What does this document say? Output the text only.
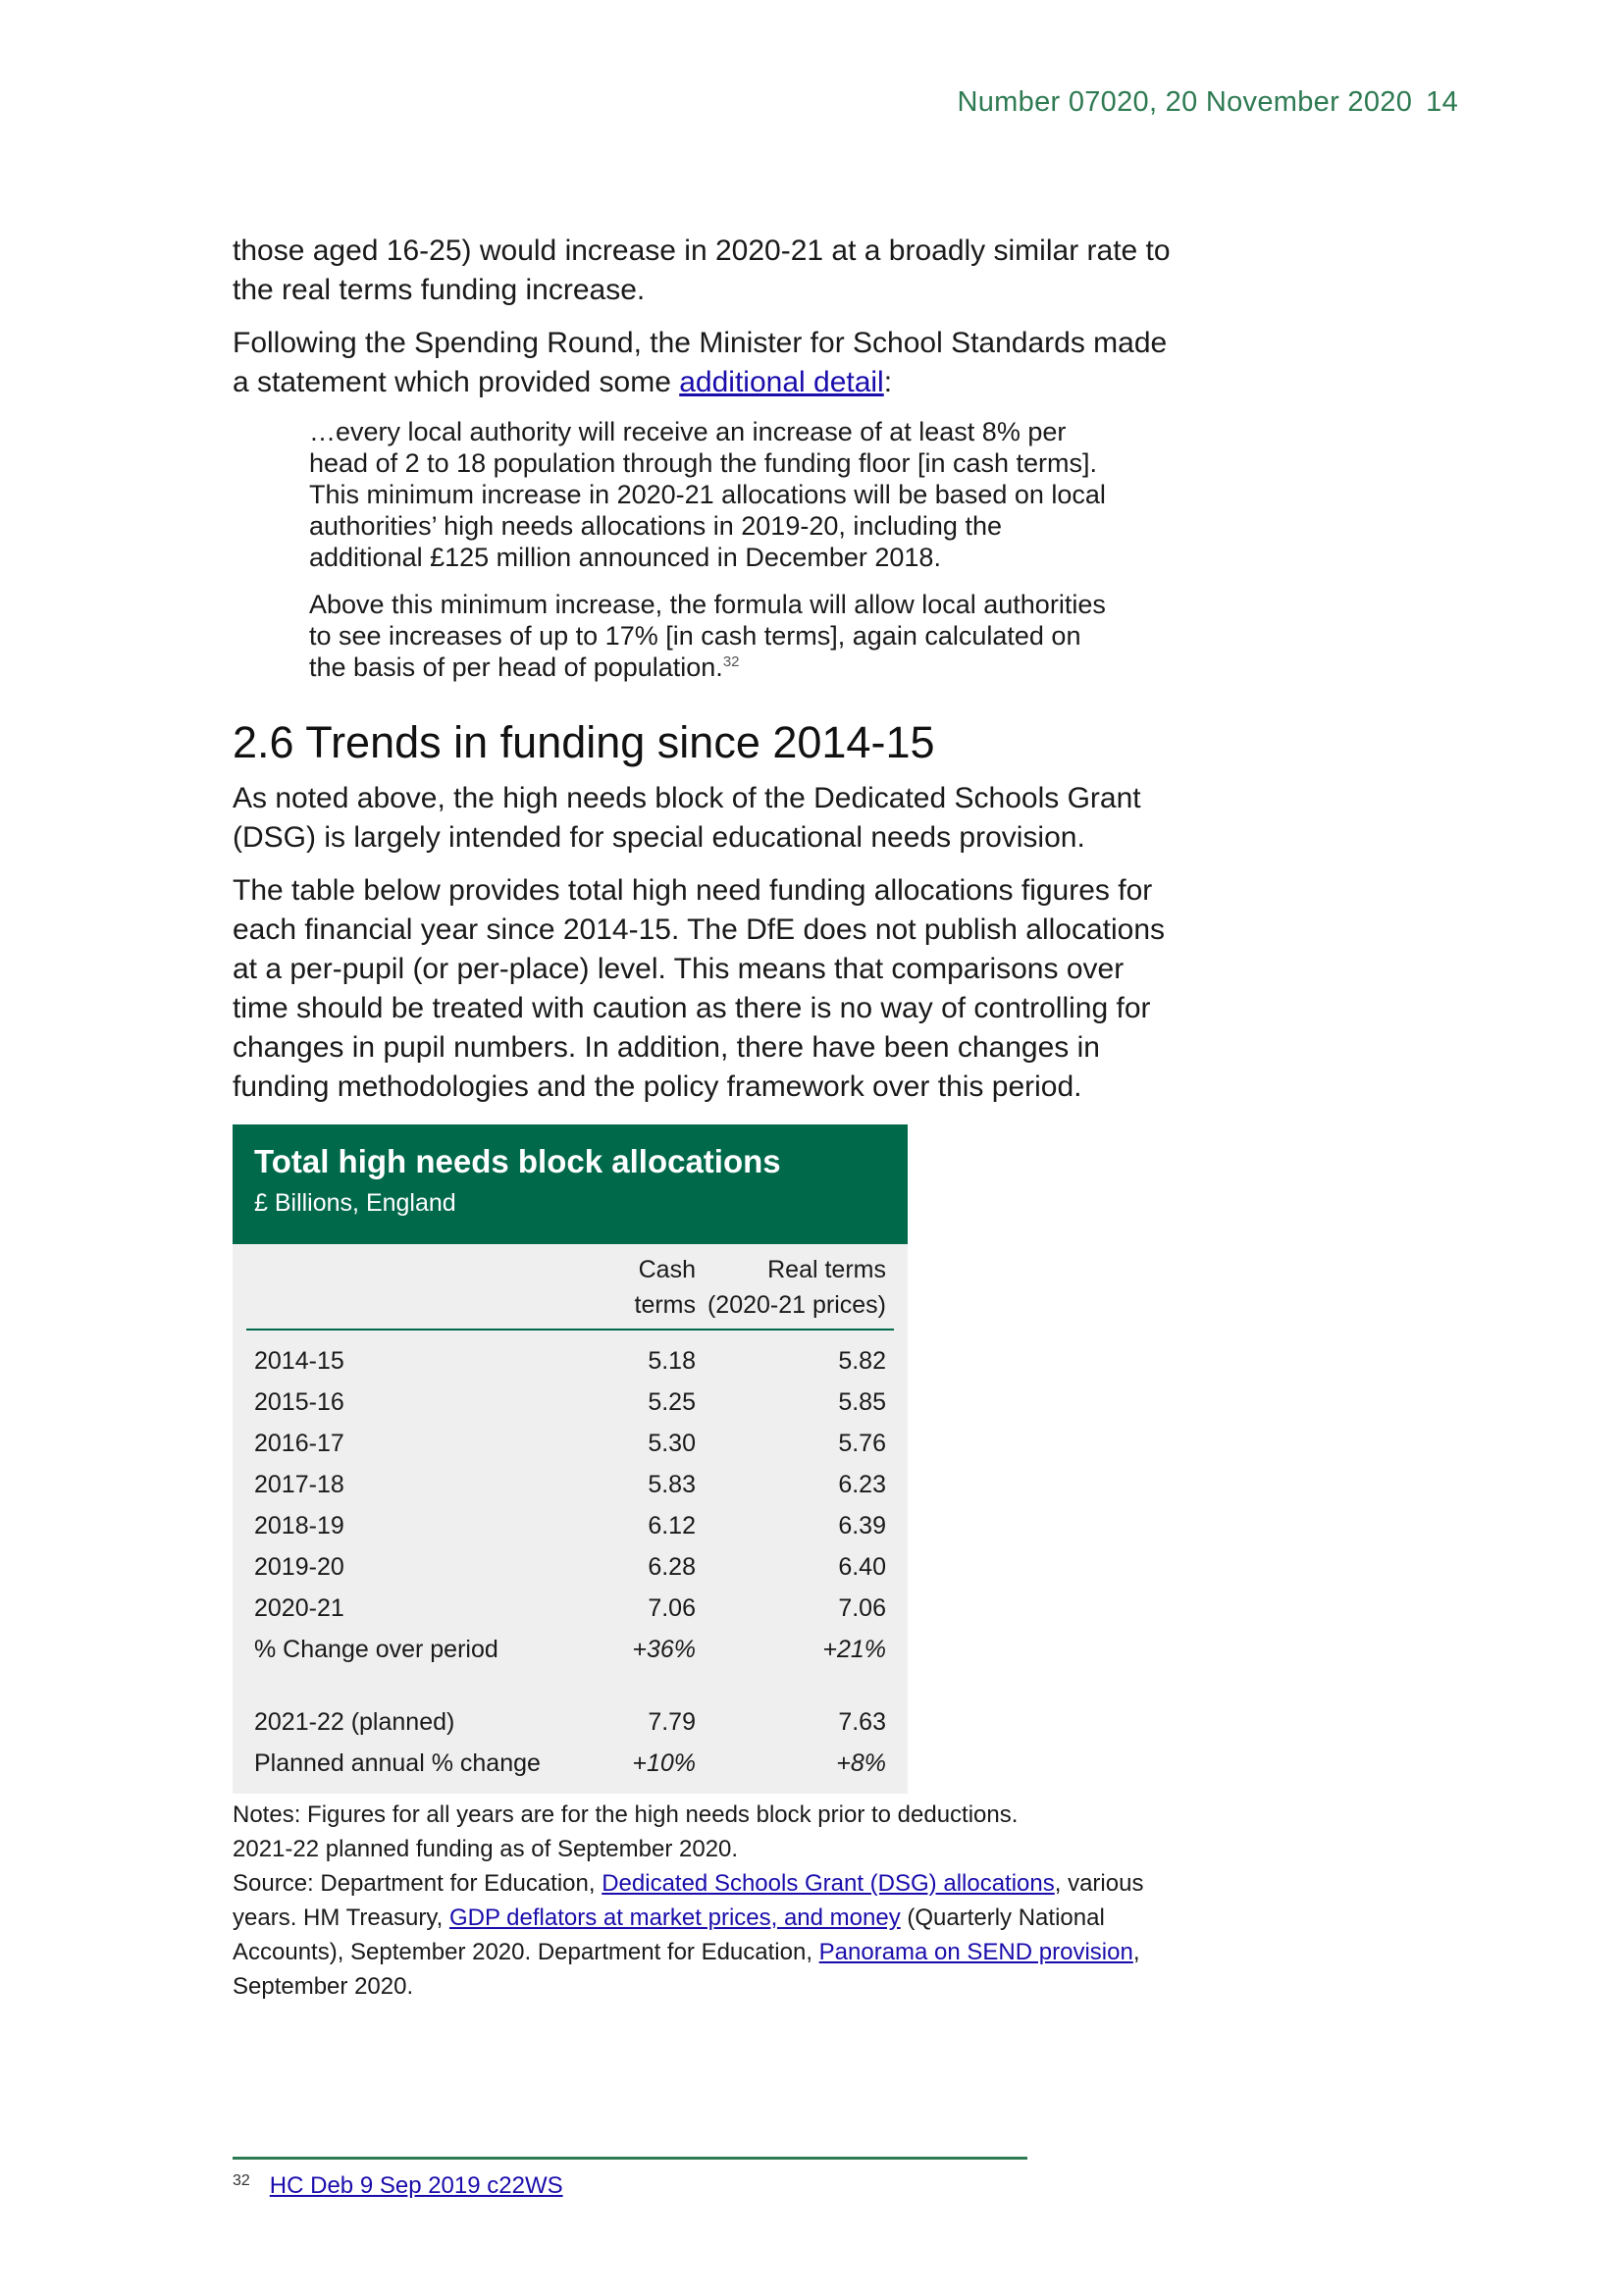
Number 07020, 20 November 2020 14

those aged 16-25) would increase in 2020-21 at a broadly similar rate to the real terms funding increase.

Following the Spending Round, the Minister for School Standards made a statement which provided some additional detail:

…every local authority will receive an increase of at least 8% per head of 2 to 18 population through the funding floor [in cash terms]. This minimum increase in 2020-21 allocations will be based on local authorities’ high needs allocations in 2019-20, including the additional £125 million announced in December 2018.

Above this minimum increase, the formula will allow local authorities to see increases of up to 17% [in cash terms], again calculated on the basis of per head of population.$^{32}$

2.6 Trends in funding since 2014-15

As noted above, the high needs block of the Dedicated Schools Grant (DSG) is largely intended for special educational needs provision.

The table below provides total high need funding allocations figures for each financial year since 2014-15. The DfE does not publish allocations at a per-pupil (or per-place) level. This means that comparisons over time should be treated with caution as there is no way of controlling for changes in pupil numbers. In addition, there have been changes in funding methodologies and the policy framework over this period.

Total high needs block allocations
£ Billions, England
	Cash
terms	Real terms
(2020-21 prices)
2014-15	5.18	5.82
2015-16	5.25	5.85
2016-17	5.30	5.76
2017-18	5.83	6.23
2018-19	6.12	6.39
2019-20	6.28	6.40
2020-21	7.06	7.06
% Change over period	+36%	+21%

2021-22 (planned)	7.79	7.63
Planned annual % change	+10%	+8%
Notes: Figures for all years are for the high needs block prior to deductions.
2021-22 planned funding as of September 2020.
Source: Department for Education, Dedicated Schools Grant (DSG) allocations, various years. HM Treasury, GDP deflators at market prices, and money (Quarterly National Accounts), September 2020. Department for Education, Panorama on SEND provision, September 2020.
$^{32}$ HC Deb 9 Sep 2019 c22WS
